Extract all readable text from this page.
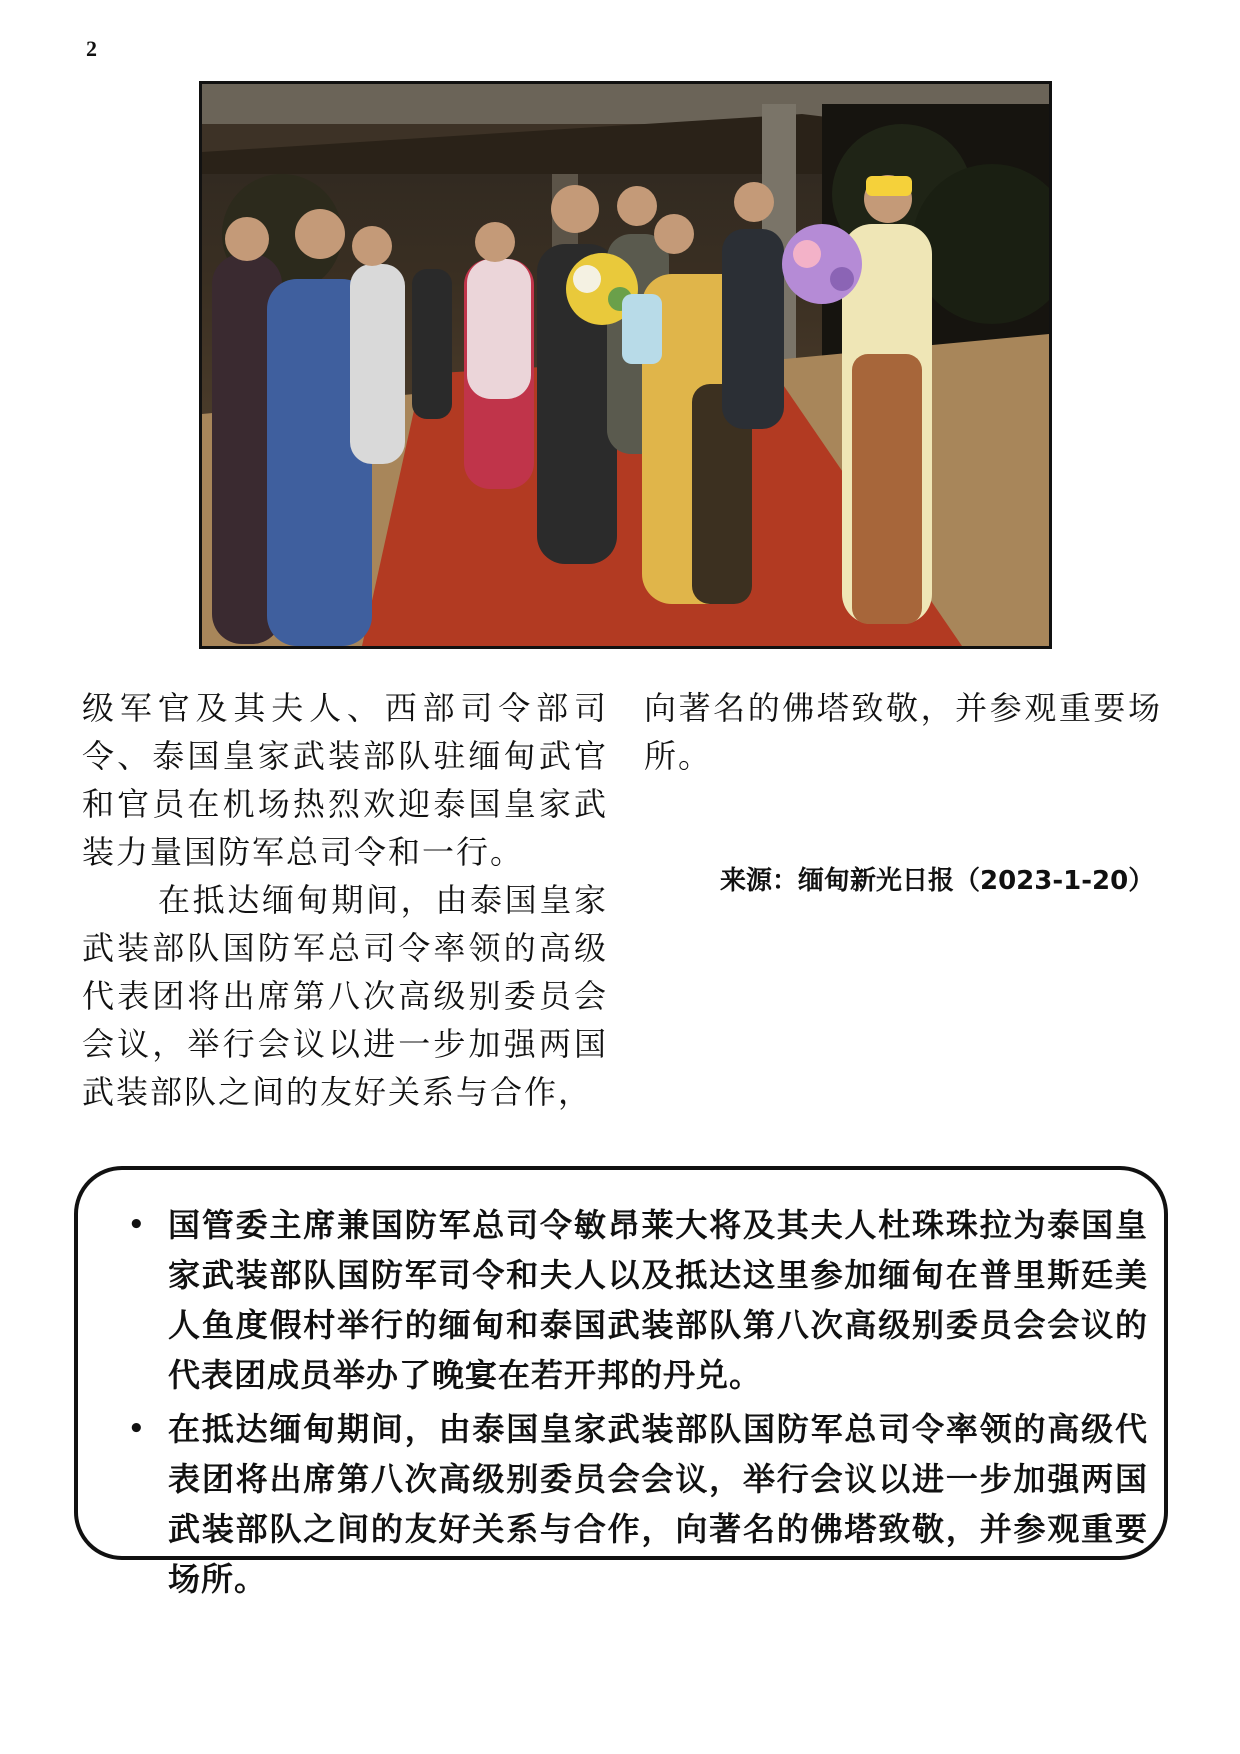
2

级军官及其夫人、西部司令部司令、泰国皇家武装部队驻缅甸武官和官员在机场热烈欢迎泰国皇家武装力量国防军总司令和一行。

在抵达缅甸期间，由泰国皇家武装部队国防军总司令率领的高级代表团将出席第八次高级别委员会会议，举行会议以进一步加强两国武装部队之间的友好关系与合作，

向著名的佛塔致敬，并参观重要场所。

来源：缅甸新光日报（2023-1-20）
• 国管委主席兼国防军总司令敏昂莱大将及其夫人杜珠珠拉为泰国皇家武装部队国防军司令和夫人以及抵达这里参加缅甸在普里斯廷美人鱼度假村举行的缅甸和泰国武装部队第八次高级别委员会会议的代表团成员举办了晚宴在若开邦的丹兑。
• 在抵达缅甸期间，由泰国皇家武装部队国防军总司令率领的高级代表团将出席第八次高级别委员会会议，举行会议以进一步加强两国武装部队之间的友好关系与合作，向著名的佛塔致敬，并参观重要场所。
